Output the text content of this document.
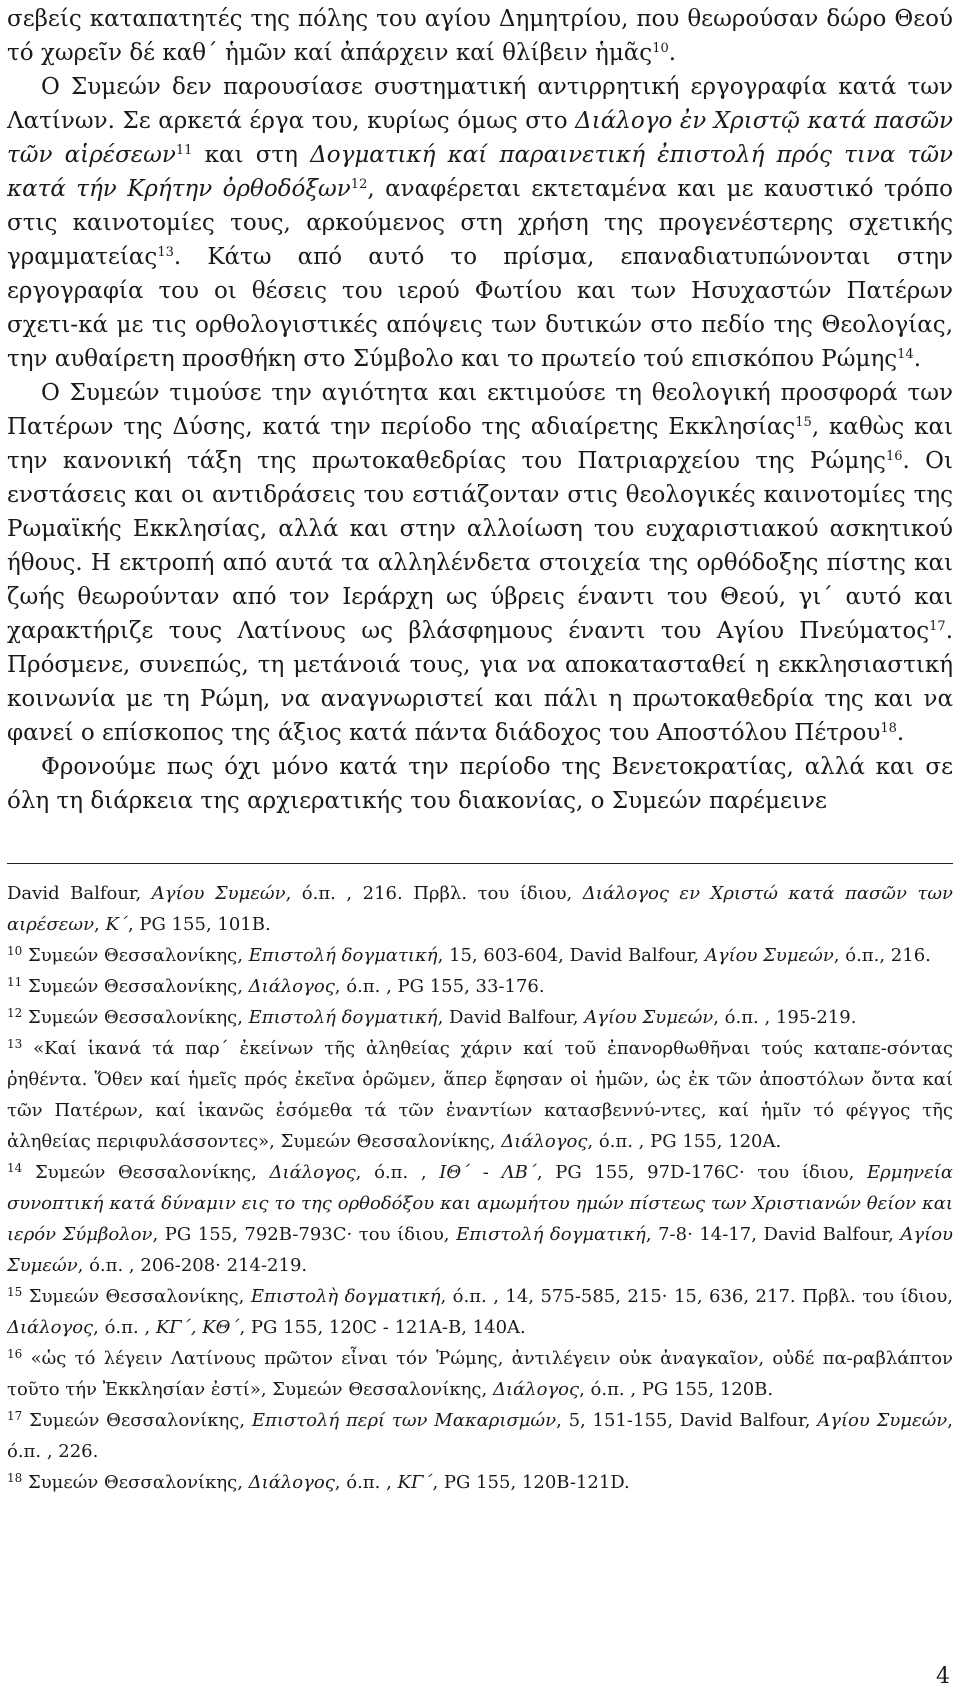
σεβείς καταπατητές της πόλης του αγίου Δημητρίου, που θεωρούσαν δώρο Θεού τό χωρεῖν δέ καθ΄ ἡμῶν καί ἀπάρχειν καί θλίβειν ἡμᾶς$^{10}$.

Ο Συμεών δεν παρουσίασε συστηματική αντιρρητική εργογραφία κατά των Λατίνων. Σε αρκετά έργα του, κυρίως όμως στο Διάλογο ἐν Χριστῷ κατά πασῶν τῶν αἱρέσεων$^{11}$ και στη Δογματική καί παραινετική ἐπιστολή πρός τινα τῶν κατά τήν Κρήτην ὀρθοδόξων$^{12}$, αναφέρεται εκτεταμένα και με καυστικό τρόπο στις καινοτομίες τους, αρκούμενος στη χρήση της προγενέστερης σχετικής γραμματείας$^{13}$. Κάτω από αυτό το πρίσμα, επαναδιατυπώνονται στην εργογραφία του οι θέσεις του ιερού Φωτίου και των Ησυχαστών Πατέρων σχετι-κά με τις ορθολογιστικές απόψεις των δυτικών στο πεδίο της Θεολογίας, την αυθαίρετη προσθήκη στο Σύμβολο και το πρωτείο τού επισκόπου Ρώμης$^{14}$.

Ο Συμεών τιμούσε την αγιότητα και εκτιμούσε τη θεολογική προσφορά των Πατέρων της Δύσης, κατά την περίοδο της αδιαίρετης Εκκλησίας$^{15}$, καθὼς και την κανονική τάξη της πρωτοκαθεδρίας του Πατριαρχείου της Ρώμης$^{16}$. Οι ενστάσεις και οι αντιδράσεις του εστιάζονταν στις θεολογικές καινοτομίες της Ρωμαϊκής Εκκλησίας, αλλά και στην αλλοίωση του ευχαριστιακού ασκητικού ήθους. Η εκτροπή από αυτά τα αλληλένδετα στοιχεία της ορθόδοξης πίστης και ζωής θεωρούνταν από τον Ιεράρχη ως ύβρεις έναντι του Θεού, γι΄ αυτό και χαρακτήριζε τους Λατίνους ως βλάσφημους έναντι του Αγίου Πνεύματος$^{17}$. Πρόσμενε, συνεπώς, τη μετάνοιά τους, για να αποκατασταθεί η εκκλησιαστική κοινωνία με τη Ρώμη, να αναγνωριστεί και πάλι η πρωτοκαθεδρία της και να φανεί ο επίσκοπος της άξιος κατά πάντα διάδοχος του Αποστόλου Πέτρου$^{18}$.

Φρονούμε πως όχι μόνο κατά την περίοδο της Βενετοκρατίας, αλλά και σε όλη τη διάρκεια της αρχιερατικής του διακονίας, ο Συμεών παρέμεινε

David Balfour, Αγίου Συμεών, ό.π. , 216. Πρβλ. του ίδιου, Διάλογος εν Χριστώ κατά πασῶν των αιρέσεων, Κ΄, PG 155, 101B.

$^{10}$ Συμεών Θεσσαλονίκης, Επιστολή δογματική, 15, 603-604, David Balfour, Αγίου Συμεών, ό.π., 216.

$^{11}$ Συμεών Θεσσαλονίκης, Διάλογος, ό.π. , PG 155, 33-176.

$^{12}$ Συμεών Θεσσαλονίκης, Επιστολή δογματική, David Balfour, Αγίου Συμεών, ό.π. , 195-219.

$^{13}$ «Καί ἱκανά τά παρ΄ ἐκείνων τῆς ἀληθείας χάριν καί τοῦ ἐπανορθωθῆναι τούς καταπε-σόντας ῥηθέντα. Ὅθεν καί ἡμεῖς πρός ἐκεῖνα ὁρῶμεν, ἅπερ ἔφησαν οἱ ἡμῶν, ὡς ἐκ τῶν ἀποστόλων ὄντα καί τῶν Πατέρων, καί ἱκανῶς ἐσόμεθα τά τῶν ἐναντίων κατασβεννύ-ντες, καί ἡμῖν τό φέγγος τῆς ἀληθείας περιφυλάσσοντες», Συμεών Θεσσαλονίκης, Διάλογος, ό.π. , PG 155, 120A.

$^{14}$ Συμεών Θεσσαλονίκης, Διάλογος, ό.π. , ΙΘ΄ - ΛΒ΄, PG 155, 97D-176C· του ίδιου, Ερμηνεία συνοπτική κατά δύναμιν εις το της ορθοδόξου και αμωμήτου ημών πίστεως των Χριστιανών θείον και ιερόν Σύμβολον, PG 155, 792B-793C· του ίδιου, Επιστολή δογματική, 7-8· 14-17, David Balfour, Αγίου Συμεών, ό.π. , 206-208· 214-219.

$^{15}$ Συμεών Θεσσαλονίκης, Επιστολὴ δογματική, ό.π. , 14, 575-585, 215· 15, 636, 217. Πρβλ. του ίδιου, Διάλογος, ό.π. , ΚΓ΄, ΚΘ΄, PG 155, 120C - 121A-B, 140A.

$^{16}$ «ὡς τό λέγειν Λατίνους πρῶτον εἶναι τόν Ῥώμης, ἀντιλέγειν οὐκ ἀναγκαῖον, οὐδέ πα-ραβλάπτον τοῦτο τήν Ἐκκλησίαν ἐστί», Συμεών Θεσσαλονίκης, Διάλογος, ό.π. , PG 155, 120B.

$^{17}$ Συμεών Θεσσαλονίκης, Επιστολή περί των Μακαρισμών, 5, 151-155, David Balfour, Αγίου Συμεών, ό.π. , 226.

$^{18}$ Συμεών Θεσσαλονίκης, Διάλογος, ό.π. , ΚΓ΄, PG 155, 120B-121D.

4
